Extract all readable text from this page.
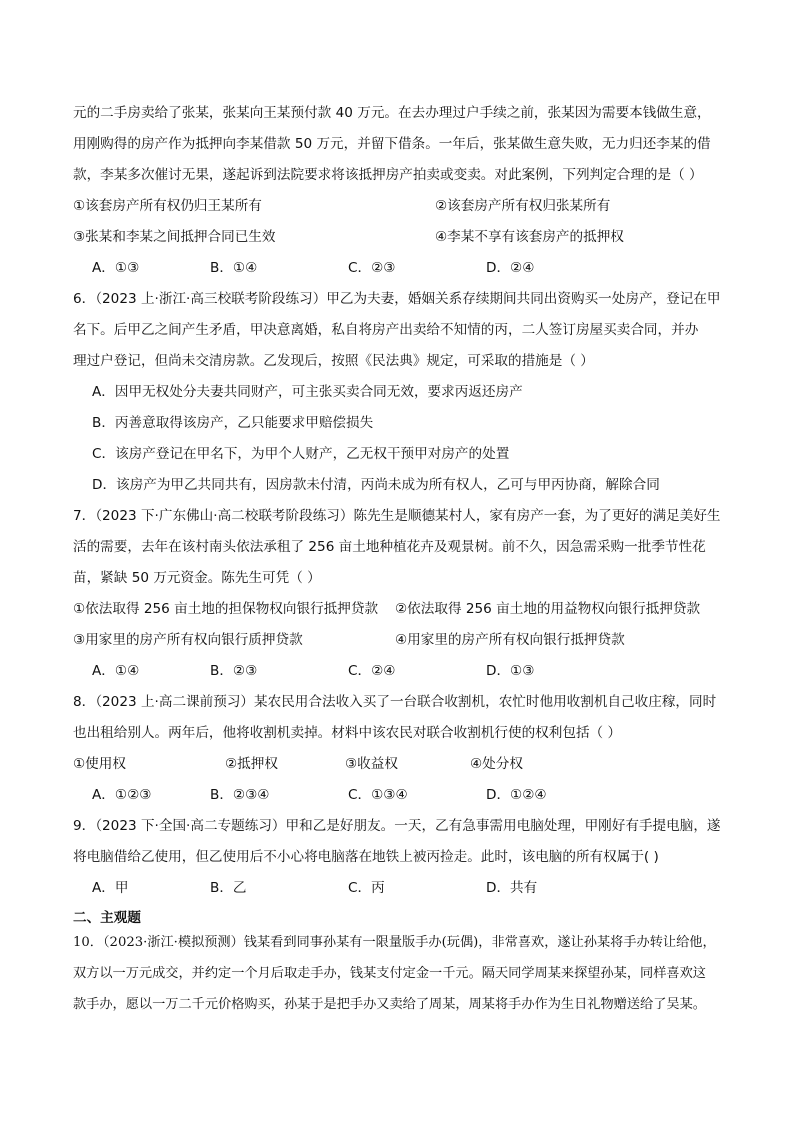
元的二手房卖给了张某，张某向王某预付款 40 万元。在去办理过户手续之前，张某因为需要本钱做生意，
用刚购得的房产作为抵押向李某借款 50 万元，并留下借条。一年后，张某做生意失败，无力归还李某的借
款，李某多次催讨无果，遂起诉到法院要求将该抵押房产拍卖或变卖。对此案例，下列判定合理的是（ ）
①该套房产所有权仍归王某所有	②该套房产所有权归张某所有
③张某和李某之间抵押合同已生效	④李某不享有该套房产的抵押权
A．①③	B．①④	C．②③	D．②④
6．（2023 上·浙江·高三校联考阶段练习）甲乙为夫妻，婚姻关系存续期间共同出资购买一处房产，登记在甲
名下。后甲乙之间产生矛盾，甲决意离婚，私自将房产出卖给不知情的丙，二人签订房屋买卖合同，并办
理过户登记，但尚未交清房款。乙发现后，按照《民法典》规定，可采取的措施是（ ）
A．因甲无权处分夫妻共同财产，可主张买卖合同无效，要求丙返还房产
B．丙善意取得该房产，乙只能要求甲赔偿损失
C．该房产登记在甲名下，为甲个人财产，乙无权干预甲对房产的处置
D．该房产为甲乙共同共有，因房款未付清，丙尚未成为所有权人，乙可与甲丙协商，解除合同
7．（2023 下·广东佛山·高二校联考阶段练习）陈先生是顺德某村人，家有房产一套，为了更好的满足美好生
活的需要，去年在该村南头依法承租了 256 亩土地种植花卉及观景树。前不久，因急需采购一批季节性花
苗，紧缺 50 万元资金。陈先生可凭（ ）
①依法取得 256 亩土地的担保物权向银行抵押贷款 ②依法取得 256 亩土地的用益物权向银行抵押贷款
③用家里的房产所有权向银行质押贷款	④用家里的房产所有权向银行抵押贷款
A．①④	B．②③	C．②④	D．①③
8．（2023 上·高二课前预习）某农民用合法收入买了一台联合收割机，农忙时他用收割机自己收庄稼，同时
也出租给别人。两年后，他将收割机卖掉。材料中该农民对联合收割机行使的权利包括（ ）
①使用权	②抵押权	③收益权	④处分权
A．①②③	B．②③④	C．①③④	D．①②④
9．（2023 下·全国·高二专题练习）甲和乙是好朋友。一天，乙有急事需用电脑处理，甲刚好有手提电脑，遂
将电脑借给乙使用，但乙使用后不小心将电脑落在地铁上被丙捡走。此时，该电脑的所有权属于( )
A．甲	B．乙	C．丙	D．共有
二、主观题
10．（2023·浙江·模拟预测）钱某看到同事孙某有一限量版手办(玩偶)，非常喜欢，遂让孙某将手办转让给他，
双方以一万元成交，并约定一个月后取走手办，钱某支付定金一千元。隔天同学周某来探望孙某，同样喜欢这
款手办，愿以一万二千元价格购买，孙某于是把手办又卖给了周某，周某将手办作为生日礼物赠送给了吴某。
